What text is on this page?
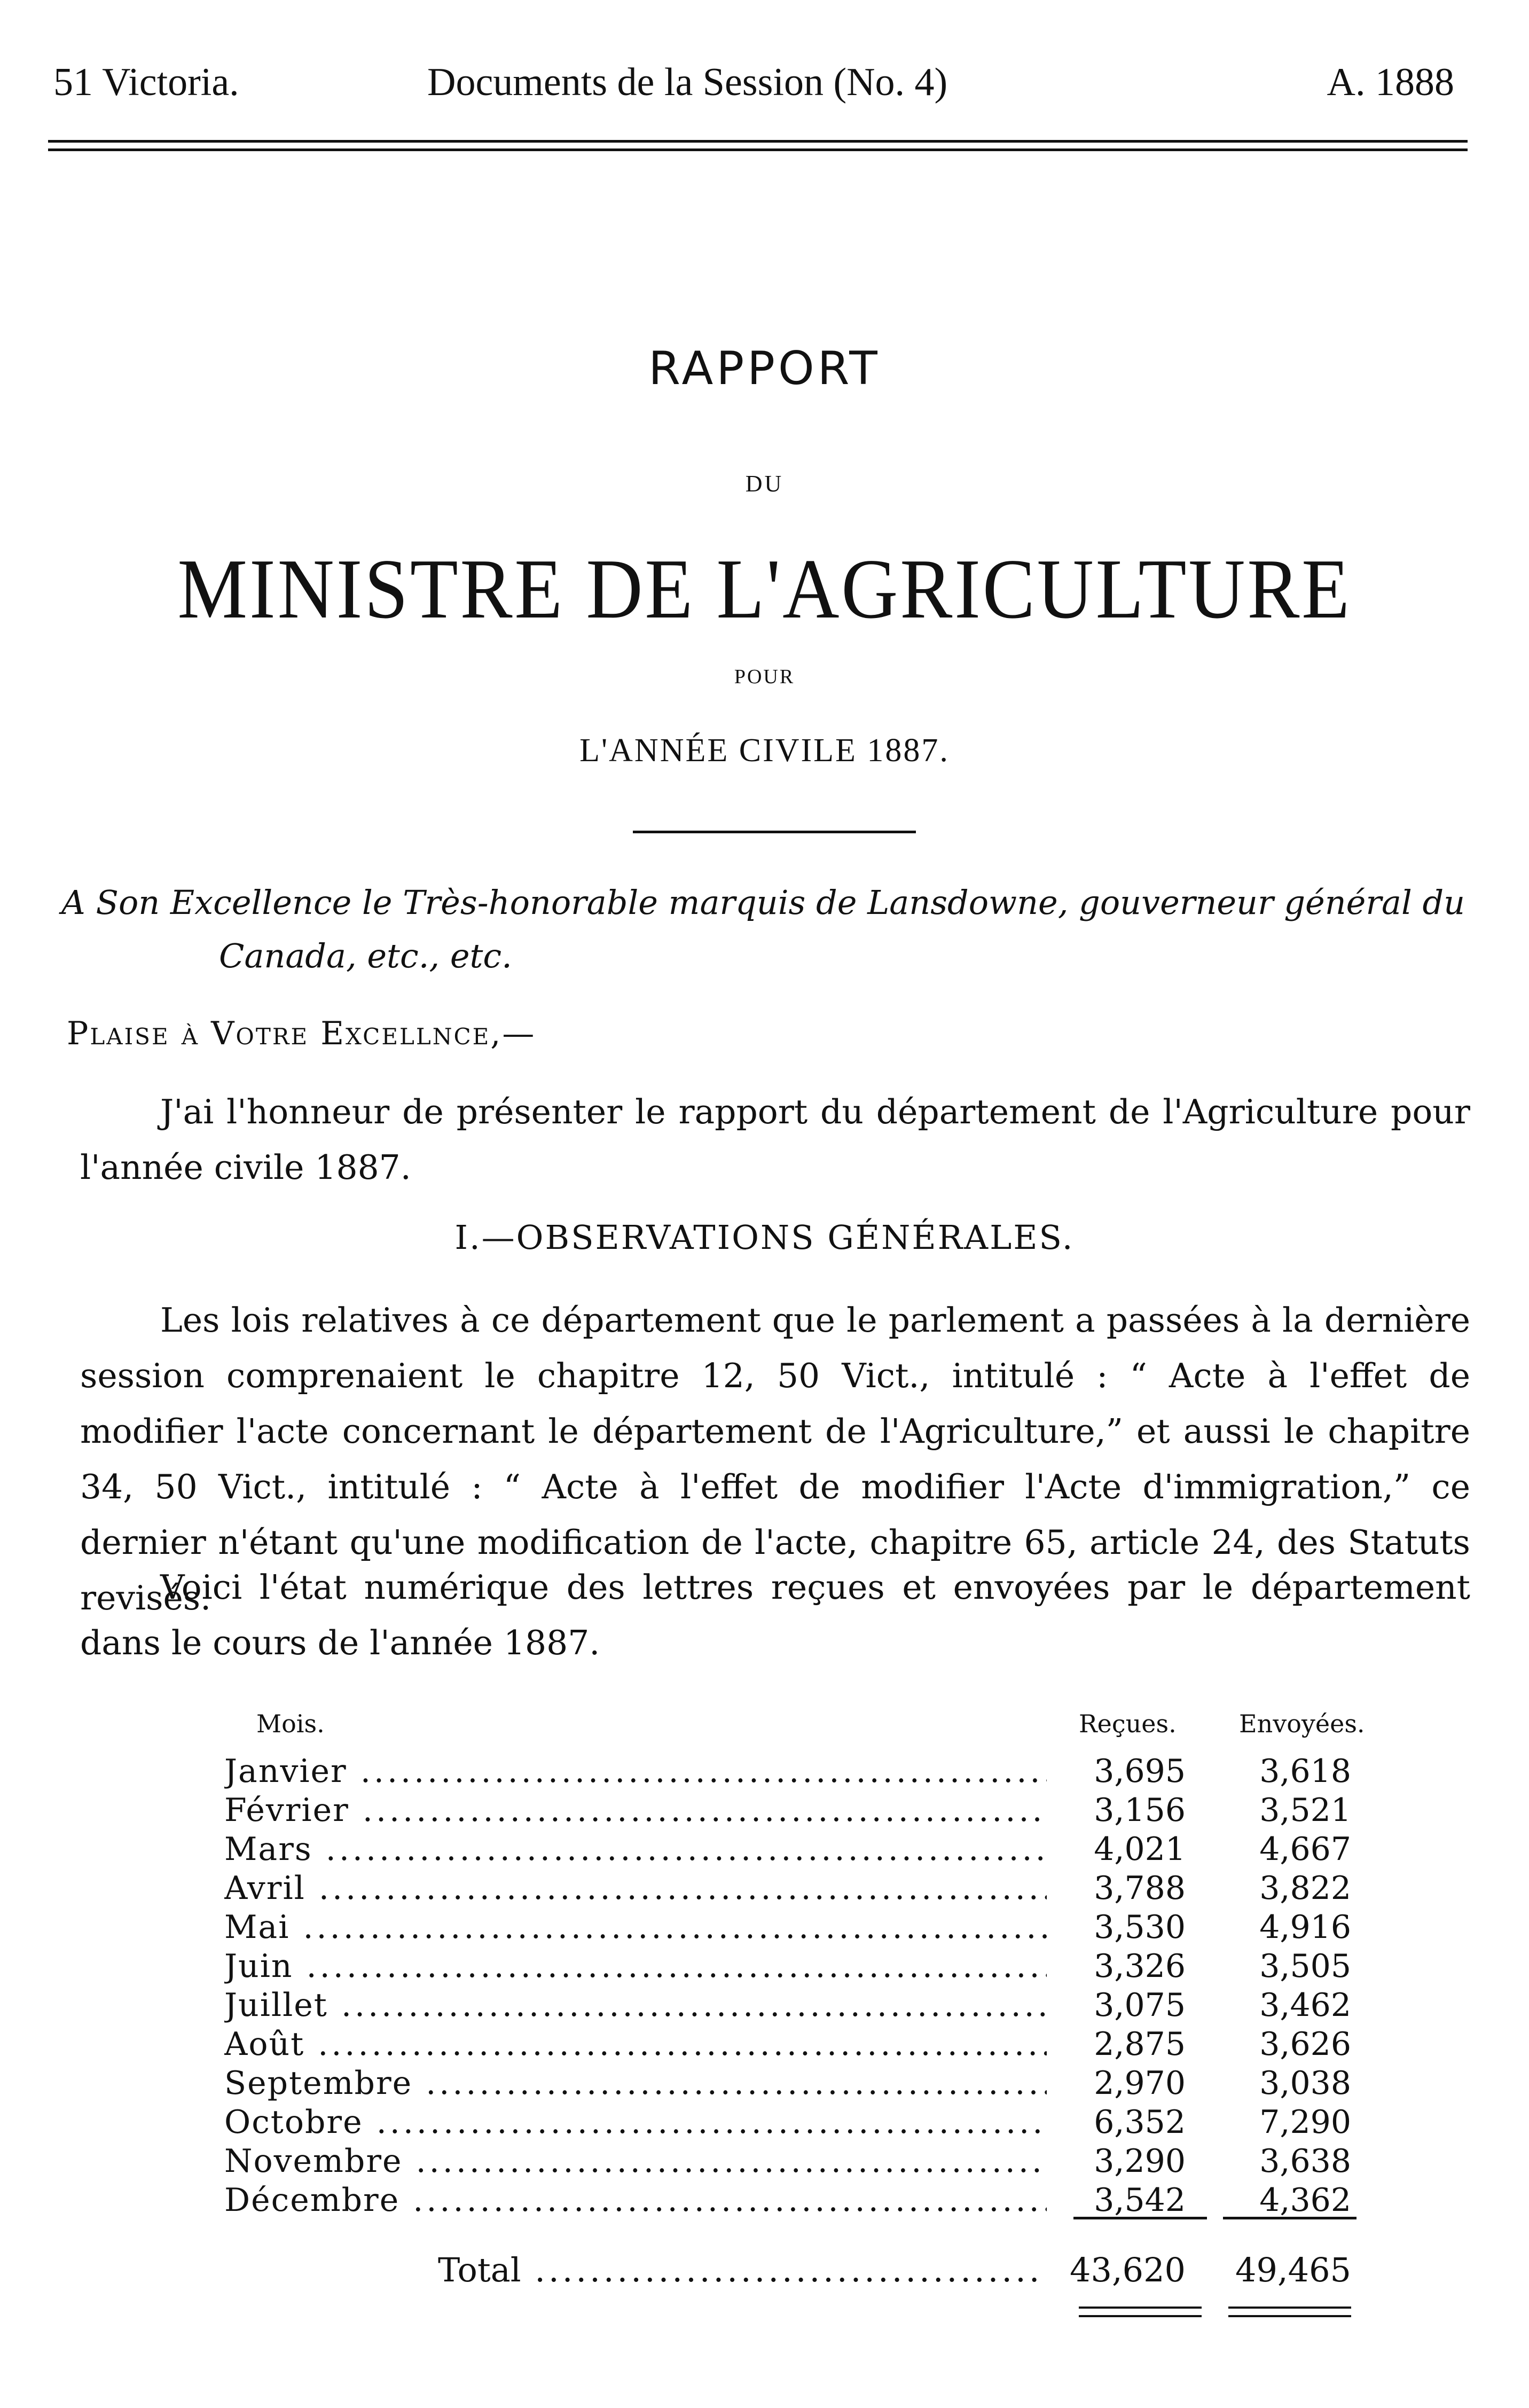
51 Victoria.	Documents de la Session (No. 4)	A. 1888
RAPPORT
DU
MINISTRE DE L'AGRICULTURE
POUR
L'ANNÉE CIVILE 1887.
A Son Excellence le Très-honorable marquis de Lansdowne, gouverneur général du
Canada, etc., etc.
Plaise à Votre Excellnce,—
J'ai l'honneur de présenter le rapport du département de l'Agriculture pour l'année civile 1887.
I.—OBSERVATIONS GÉNÉRALES.
Les lois relatives à ce département que le parlement a passées à la dernière session comprenaient le chapitre 12, 50 Vict., intitulé : “ Acte à l'effet de modifier l'acte concernant le département de l'Agriculture,” et aussi le chapitre 34, 50 Vict., intitulé : “ Acte à l'effet de modifier l'Acte d'immigration,” ce dernier n'étant qu'une modification de l'acte, chapitre 65, article 24, des Statuts revisés.
Voici l'état numérique des lettres reçues et envoyées par le département dans le cours de l'année 1887.
Mois.	Reçues.	Envoyées.
Janvier .....	3,695	3,618
Février .....	3,156	3,521
Mars .....	4,021	4,667
Avril .....	3,788	3,822
Mai .....	3,530	4,916
Juin .....	3,326	3,505
Juillet .....	3,075	3,462
Août .....	2,875	3,626
Septembre .....	2,970	3,038
Octobre .....	6,352	7,290
Novembre .....	3,290	3,638
Décembre .....	3,542	4,362
Total .....	43,620	49,465
